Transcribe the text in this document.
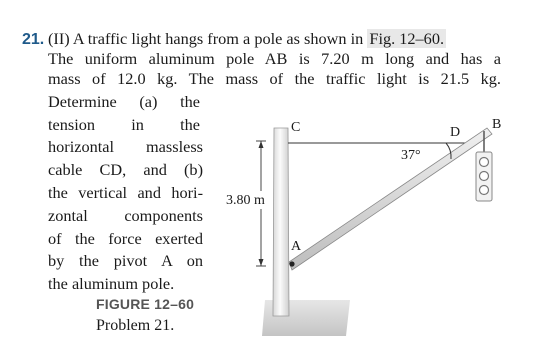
21. (II) A traffic light hangs from a pole as shown in Fig. 12–60.
The uniform aluminum pole AB is 7.20 m long and has a
mass of 12.0 kg. The mass of the traffic light is 21.5 kg.
Determine (a) the
tension in the
horizontal massless
cable CD, and (b)
the vertical and hori-
zontal components
of the force exerted
by the pivot A on
the aluminum pole.
FIGURE 12–60
Problem 21.
3.80 m
C	D
B
A
37°
